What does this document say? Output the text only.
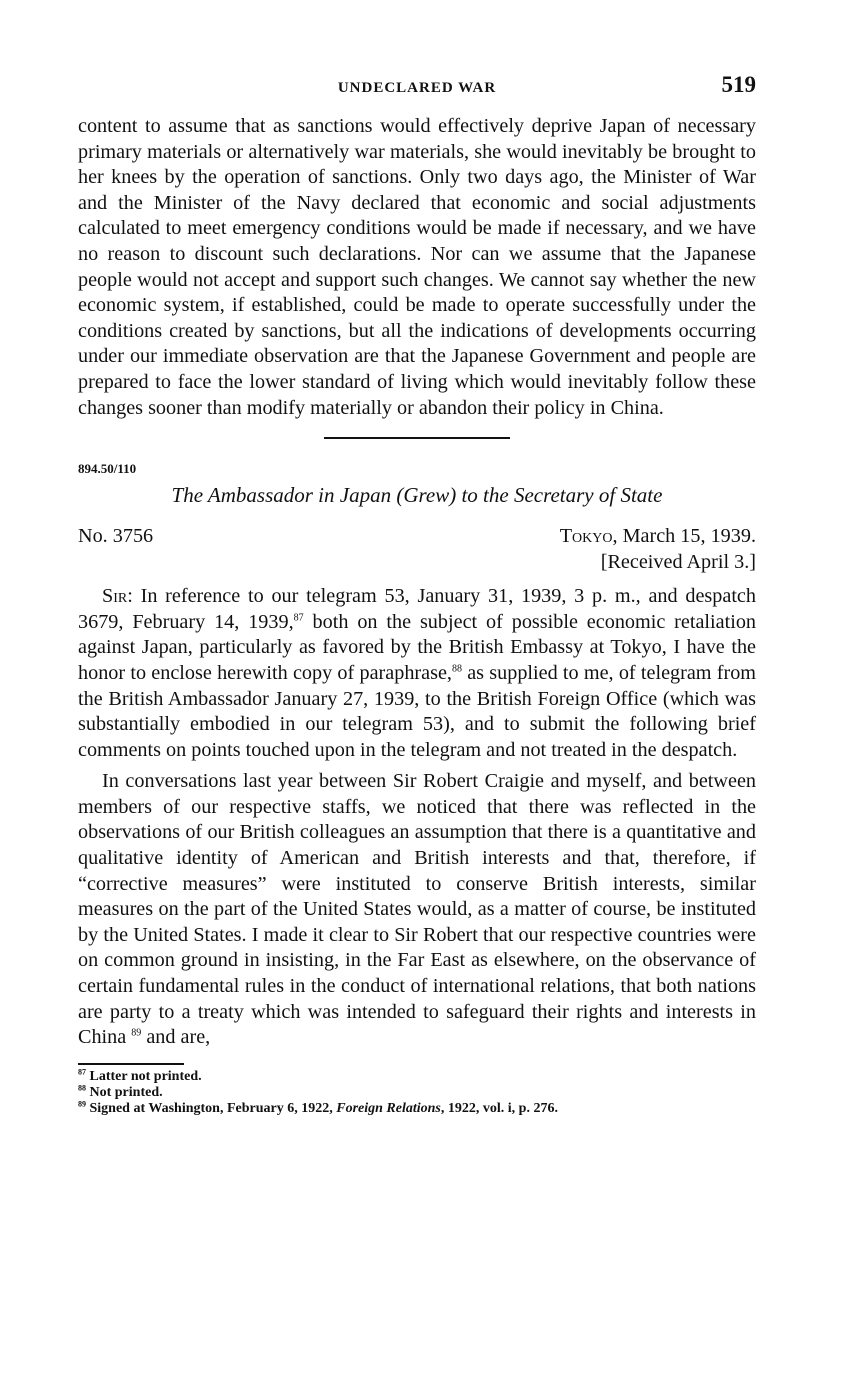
UNDECLARED WAR	519

content to assume that as sanctions would effectively deprive Japan of necessary primary materials or alternatively war materials, she would inevitably be brought to her knees by the operation of sanctions. Only two days ago, the Minister of War and the Minister of the Navy declared that economic and social adjustments calculated to meet emergency conditions would be made if necessary, and we have no reason to discount such declarations. Nor can we assume that the Japanese people would not accept and support such changes. We cannot say whether the new economic system, if established, could be made to operate successfully under the conditions created by sanctions, but all the indications of developments occurring under our immediate observation are that the Japanese Government and people are prepared to face the lower standard of living which would inevitably follow these changes sooner than modify materially or abandon their policy in China.

894.50/110
The Ambassador in Japan (Grew) to the Secretary of State
No. 3756	Tokyo, March 15, 1939.
[Received April 3.]

Sir: In reference to our telegram 53, January 31, 1939, 3 p. m., and despatch 3679, February 14, 1939,87 both on the subject of possible economic retaliation against Japan, particularly as favored by the British Embassy at Tokyo, I have the honor to enclose herewith copy of paraphrase,$^{88}$ as supplied to me, of telegram from the British Ambassador January 27, 1939, to the British Foreign Office (which was substantially embodied in our telegram 53), and to submit the following brief comments on points touched upon in the telegram and not treated in the despatch.

In conversations last year between Sir Robert Craigie and myself, and between members of our respective staffs, we noticed that there was reflected in the observations of our British colleagues an assumption that there is a quantitative and qualitative identity of American and British interests and that, therefore, if “corrective measures” were instituted to conserve British interests, similar measures on the part of the United States would, as a matter of course, be instituted by the United States. I made it clear to Sir Robert that our respective countries were on common ground in insisting, in the Far East as elsewhere, on the observance of certain fundamental rules in the conduct of international relations, that both nations are party to a treaty which was intended to safeguard their rights and interests in China $^{89}$ and are,

$^{87}$ Latter not printed.
$^{88}$ Not printed.
$^{89}$ Signed at Washington, February 6, 1922, Foreign Relations, 1922, vol. i, p. 276.
